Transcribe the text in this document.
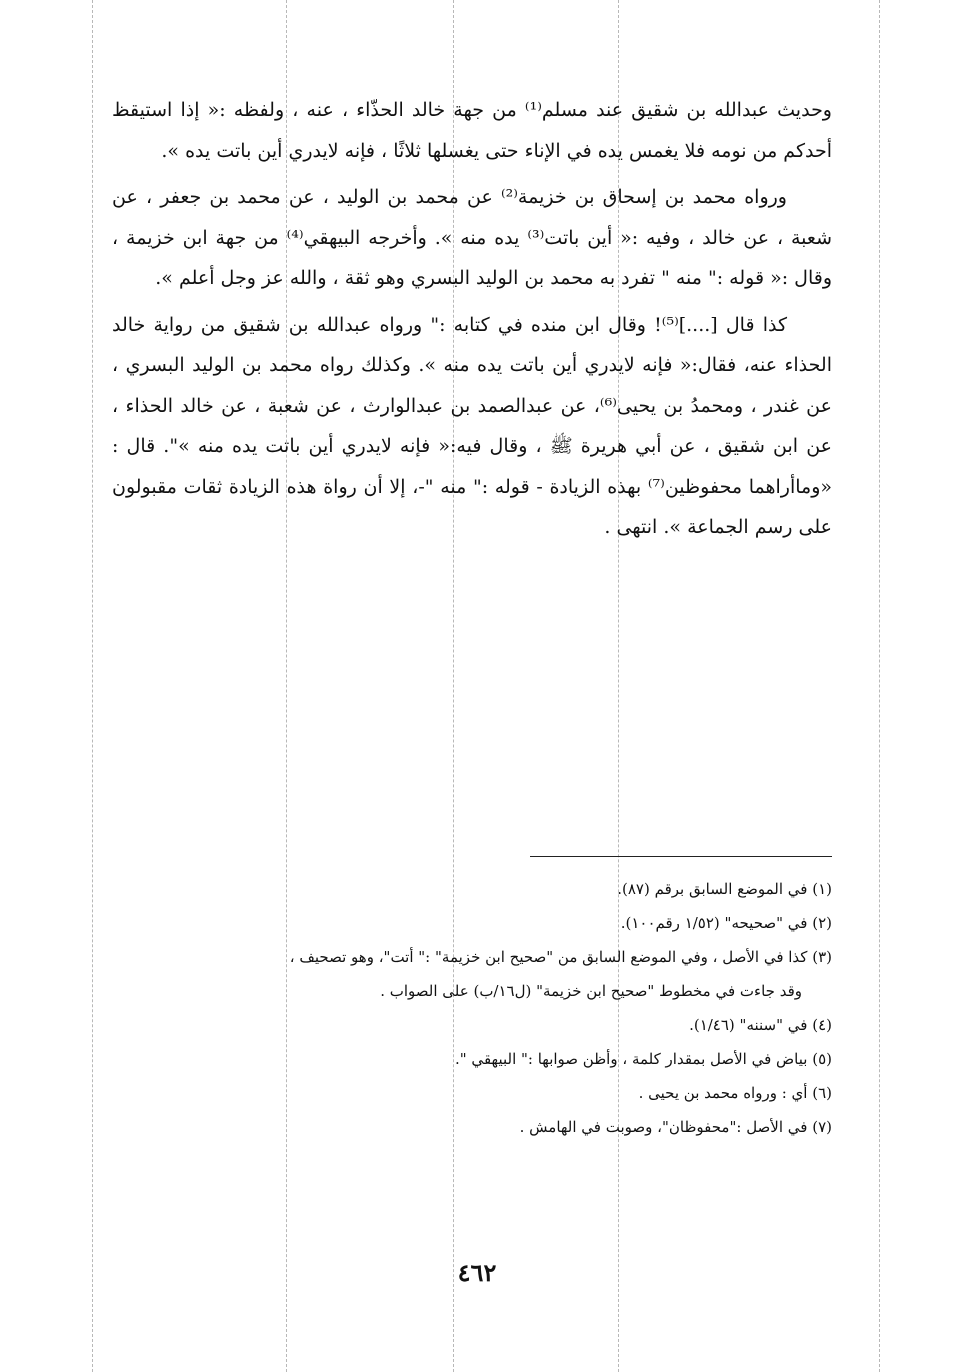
وحديث عبدالله بن شقيق عند مسلم⁽¹⁾ من جهة خالد الحذّاء ، عنه ، ولفظه :« إذا استيقظ أحدكم من نومه فلا يغمس يده في الإناء حتى يغسلها ثلاثًا ، فإنه لايدري أين باتت يده ».

ورواه محمد بن إسحاق بن خزيمة⁽²⁾ عن محمد بن الوليد ، عن محمد بن جعفر ، عن شعبة ، عن خالد ، وفيه :« أين باتت⁽³⁾ يده منه ». وأخرجه البيهقي⁽⁴⁾ من جهة ابن خزيمة ، وقال :« قوله :" منه " تفرد به محمد بن الوليد البسري وهو ثقة ، والله عز وجل أعلم ».

كذا قال [....]⁽⁵⁾! وقال ابن منده في كتابه :" ورواه عبدالله بن شقيق من رواية خالد الحذاء عنه، فقال:« فإنه لايدري أين باتت يده منه ». وكذلك رواه محمد بن الوليد البسري ، عن غندر ، ومحمدُ بن يحيى⁽⁶⁾، عن عبدالصمد بن عبدالوارث ، عن شعبة ، عن خالد الحذاء ، عن ابن شقيق ، عن أبي هريرة ﷺ ، وقال فيه:« فإنه لايدري أين باتت يده منه »". قال : «وماأراهما محفوظين⁽⁷⁾ بهذه الزيادة - قوله :" منه "-، إلا أن رواة هذه الزيادة ثقات مقبولون على رسم الجماعة ». انتهى .

(١) في الموضع السابق برقم (٨٧).

(٢) في "صحيحه" (١/٥٢ رقم١٠٠).

(٣) كذا في الأصل ، وفي الموضع السابق من "صحيح ابن خزيمة" :" أتت"، وهو تصحيف ،

وقد جاءت في مخطوط "صحيح ابن خزيمة" (ل١٦/ب) على الصواب .

(٤) في "سننه" (١/٤٦).

(٥) بياض في الأصل بمقدار كلمة ، وأظن صوابها :" البيهقي ".

(٦) أي : ورواه محمد بن يحيى .

(٧) في الأصل :"محفوظان"، وصوبت في الهامش .

٤٦٢
